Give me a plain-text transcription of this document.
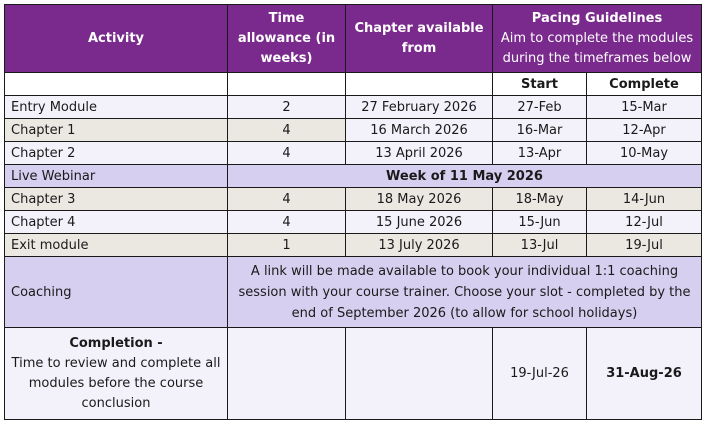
Activity	Time allowance (in weeks)	Chapter available from	Pacing Guidelines
Aim to complete the modules during the timeframes below	

			Start	Complete
Entry Module	2	27 February 2026	27-Feb	15-Mar
Chapter 1	4	16 March 2026	16-Mar	12-Apr
Chapter 2	4	13 April 2026	13-Apr	10-May
Live Webinar	Week of 11 May 2026			
Chapter 3	4	18 May 2026	18-May	14-Jun
Chapter 4	4	15 June 2026	15-Jun	12-Jul
Exit module	1	13 July 2026	13-Jul	19-Jul
Coaching	A link will be made available to book your individual 1:1 coaching session with your course trainer. Choose your slot - completed by the end of September 2026 (to allow for school holidays)			
Completion -
Time to review and complete all modules before the course conclusion			19-Jul-26	31-Aug-26
